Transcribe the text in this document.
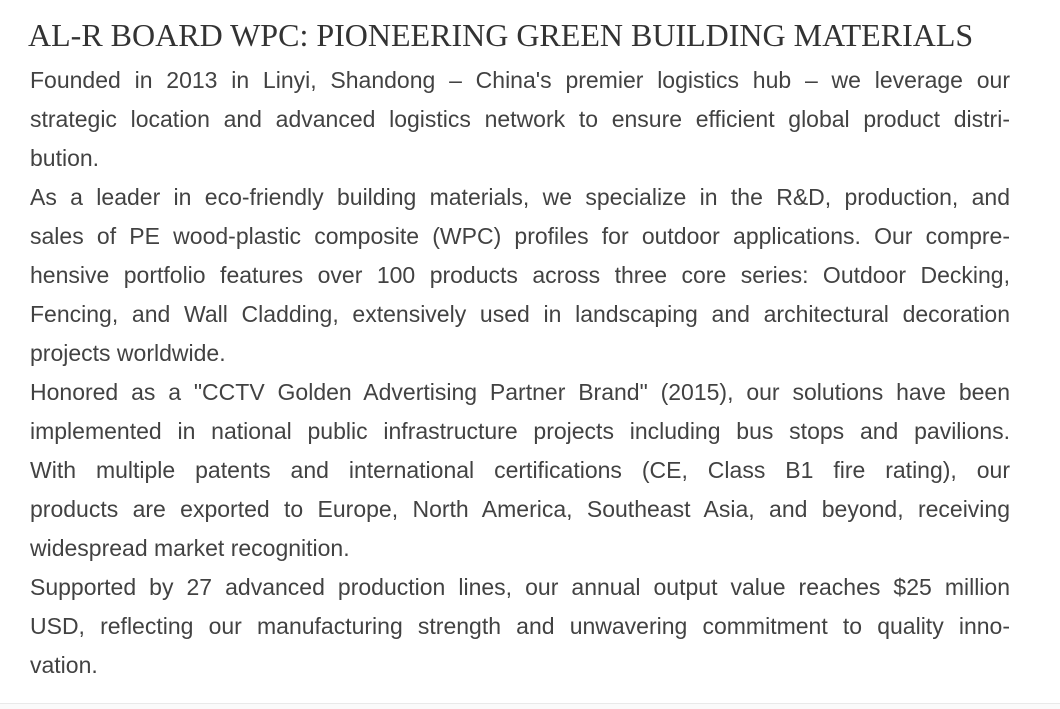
AL-R BOARD WPC: PIONEERING GREEN BUILDING MATERIALS
Founded in 2013 in Linyi, Shandong – China's premier logistics hub – we leverage our
strategic location and advanced logistics network to ensure efficient global product distri-
bution.
As a leader in eco-friendly building materials, we specialize in the R&D, production, and
sales of PE wood-plastic composite (WPC) profiles for outdoor applications. Our compre-
hensive portfolio features over 100 products across three core series: Outdoor Decking,
Fencing, and Wall Cladding, extensively used in landscaping and architectural decoration
projects worldwide.
Honored as a "CCTV Golden Advertising Partner Brand" (2015), our solutions have been
implemented in national public infrastructure projects including bus stops and pavilions.
With multiple patents and international certifications (CE, Class B1 fire rating), our
products are exported to Europe, North America, Southeast Asia, and beyond, receiving
widespread market recognition.
Supported by 27 advanced production lines, our annual output value reaches $25 million
USD, reflecting our manufacturing strength and unwavering commitment to quality inno-
vation.
